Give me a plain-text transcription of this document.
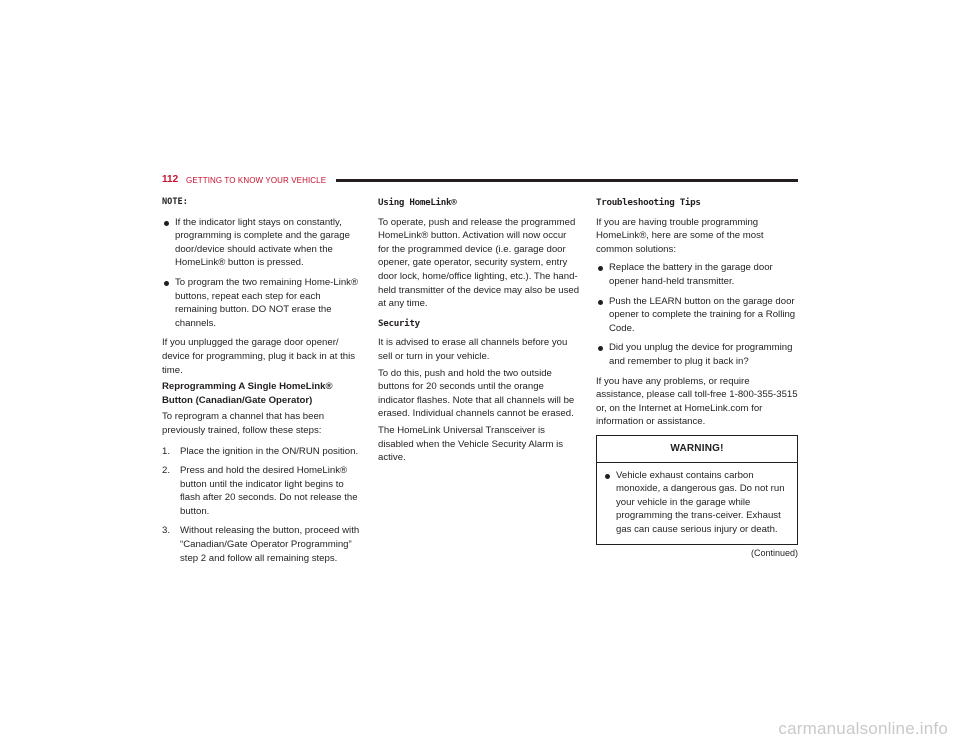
112 GETTING TO KNOW YOUR VEHICLE

NOTE:

If the indicator light stays on constantly, programming is complete and the garage door/device should activate when the HomeLink® button is pressed.
To program the two remaining Home-Link® buttons, repeat each step for each remaining button. DO NOT erase the channels.

If you unplugged the garage door opener/ device for programming, plug it back in at this time.

Reprogramming A Single HomeLink® Button (Canadian/Gate Operator)

To reprogram a channel that has been previously trained, follow these steps:

1. Place the ignition in the ON/RUN position.
2. Press and hold the desired HomeLink® button until the indicator light begins to flash after 20 seconds. Do not release the button.
3. Without releasing the button, proceed with “Canadian/Gate Operator Programming” step 2 and follow all remaining steps.
Using HomeLink®

To operate, push and release the programmed HomeLink® button. Activation will now occur for the programmed device (i.e. garage door opener, gate operator, security system, entry door lock, home/office lighting, etc.). The hand-held transmitter of the device may also be used at any time.

Security

It is advised to erase all channels before you sell or turn in your vehicle.

To do this, push and hold the two outside buttons for 20 seconds until the orange indicator flashes. Note that all channels will be erased. Individual channels cannot be erased.

The HomeLink Universal Transceiver is disabled when the Vehicle Security Alarm is active.

Troubleshooting Tips

If you are having trouble programming HomeLink®, here are some of the most common solutions:

Replace the battery in the garage door opener hand-held transmitter.
Push the LEARN button on the garage door opener to complete the training for a Rolling Code.
Did you unplug the device for programming and remember to plug it back in?

If you have any problems, or require assistance, please call toll-free 1-800-355-3515 or, on the Internet at HomeLink.com for information or assistance.

WARNING!
Vehicle exhaust contains carbon monoxide, a dangerous gas. Do not run your vehicle in the garage while programming the trans-ceiver. Exhaust gas can cause serious injury or death.
(Continued)
carmanualsonline.info
